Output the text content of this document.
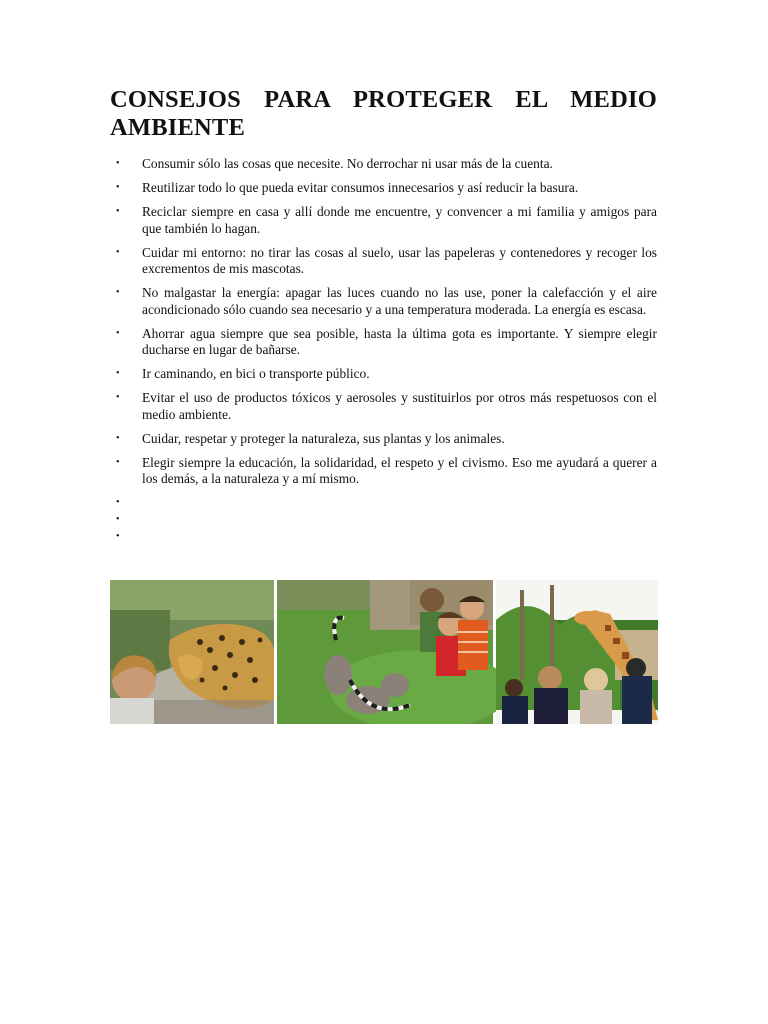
CONSEJOS PARA PROTEGER EL MEDIO AMBIENTE
• Consumir sólo las cosas que necesite. No derrochar ni usar más de la cuenta.
• Reutilizar todo lo que pueda evitar consumos innecesarios y así reducir la basura.
• Reciclar siempre en casa y allí donde me encuentre, y convencer a mi familia y amigos para que también lo hagan.
• Cuidar mi entorno: no tirar las cosas al suelo, usar las papeleras y contenedores y recoger los excrementos de mis mascotas.
• No malgastar la energía: apagar las luces cuando no las use, poner la calefacción y el aire acondicionado sólo cuando sea necesario y a una temperatura moderada. La energía es escasa.
• Ahorrar agua siempre que sea posible, hasta la última gota es importante. Y siempre elegir ducharse en lugar de bañarse.
• Ir caminando, en bici o transporte público.
• Evitar el uso de productos tóxicos y aerosoles y sustituirlos por otros más respetuosos con el medio ambiente.
• Cuidar, respetar y proteger la naturaleza, sus plantas y los animales.
• Elegir siempre la educación, la solidaridad, el respeto y el civismo. Eso me ayudará a querer a los demás, a la naturaleza y a mí mismo.
•
•
•
